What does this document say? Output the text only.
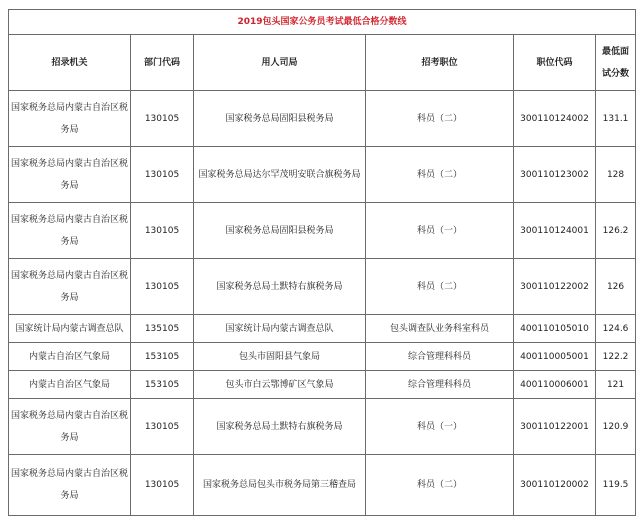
2019包头国家公务员考试最低合格分数线					
招录机关	部门代码	用人司局	招考职位	职位代码	最低面试分数
国家税务总局内蒙古自治区税务局	130105	国家税务总局固阳县税务局	科员（二）	300110124002	131.1
国家税务总局内蒙古自治区税务局	130105	国家税务总局达尔罕茂明安联合旗税务局	科员（二）	300110123002	128
国家税务总局内蒙古自治区税务局	130105	国家税务总局固阳县税务局	科员（一）	300110124001	126.2
国家税务总局内蒙古自治区税务局	130105	国家税务总局土默特右旗税务局	科员（二）	300110122002	126
国家统计局内蒙古调查总队	135105	国家统计局内蒙古调查总队	包头调查队业务科室科员	400110105010	124.6
内蒙古自治区气象局	153105	包头市固阳县气象局	综合管理科科员	400110005001	122.2
内蒙古自治区气象局	153105	包头市白云鄂博矿区气象局	综合管理科科员	400110006001	121
国家税务总局内蒙古自治区税务局	130105	国家税务总局土默特右旗税务局	科员（一）	300110122001	120.9
国家税务总局内蒙古自治区税务局	130105	国家税务总局包头市税务局第三稽查局	科员（二）	300110120002	119.5
